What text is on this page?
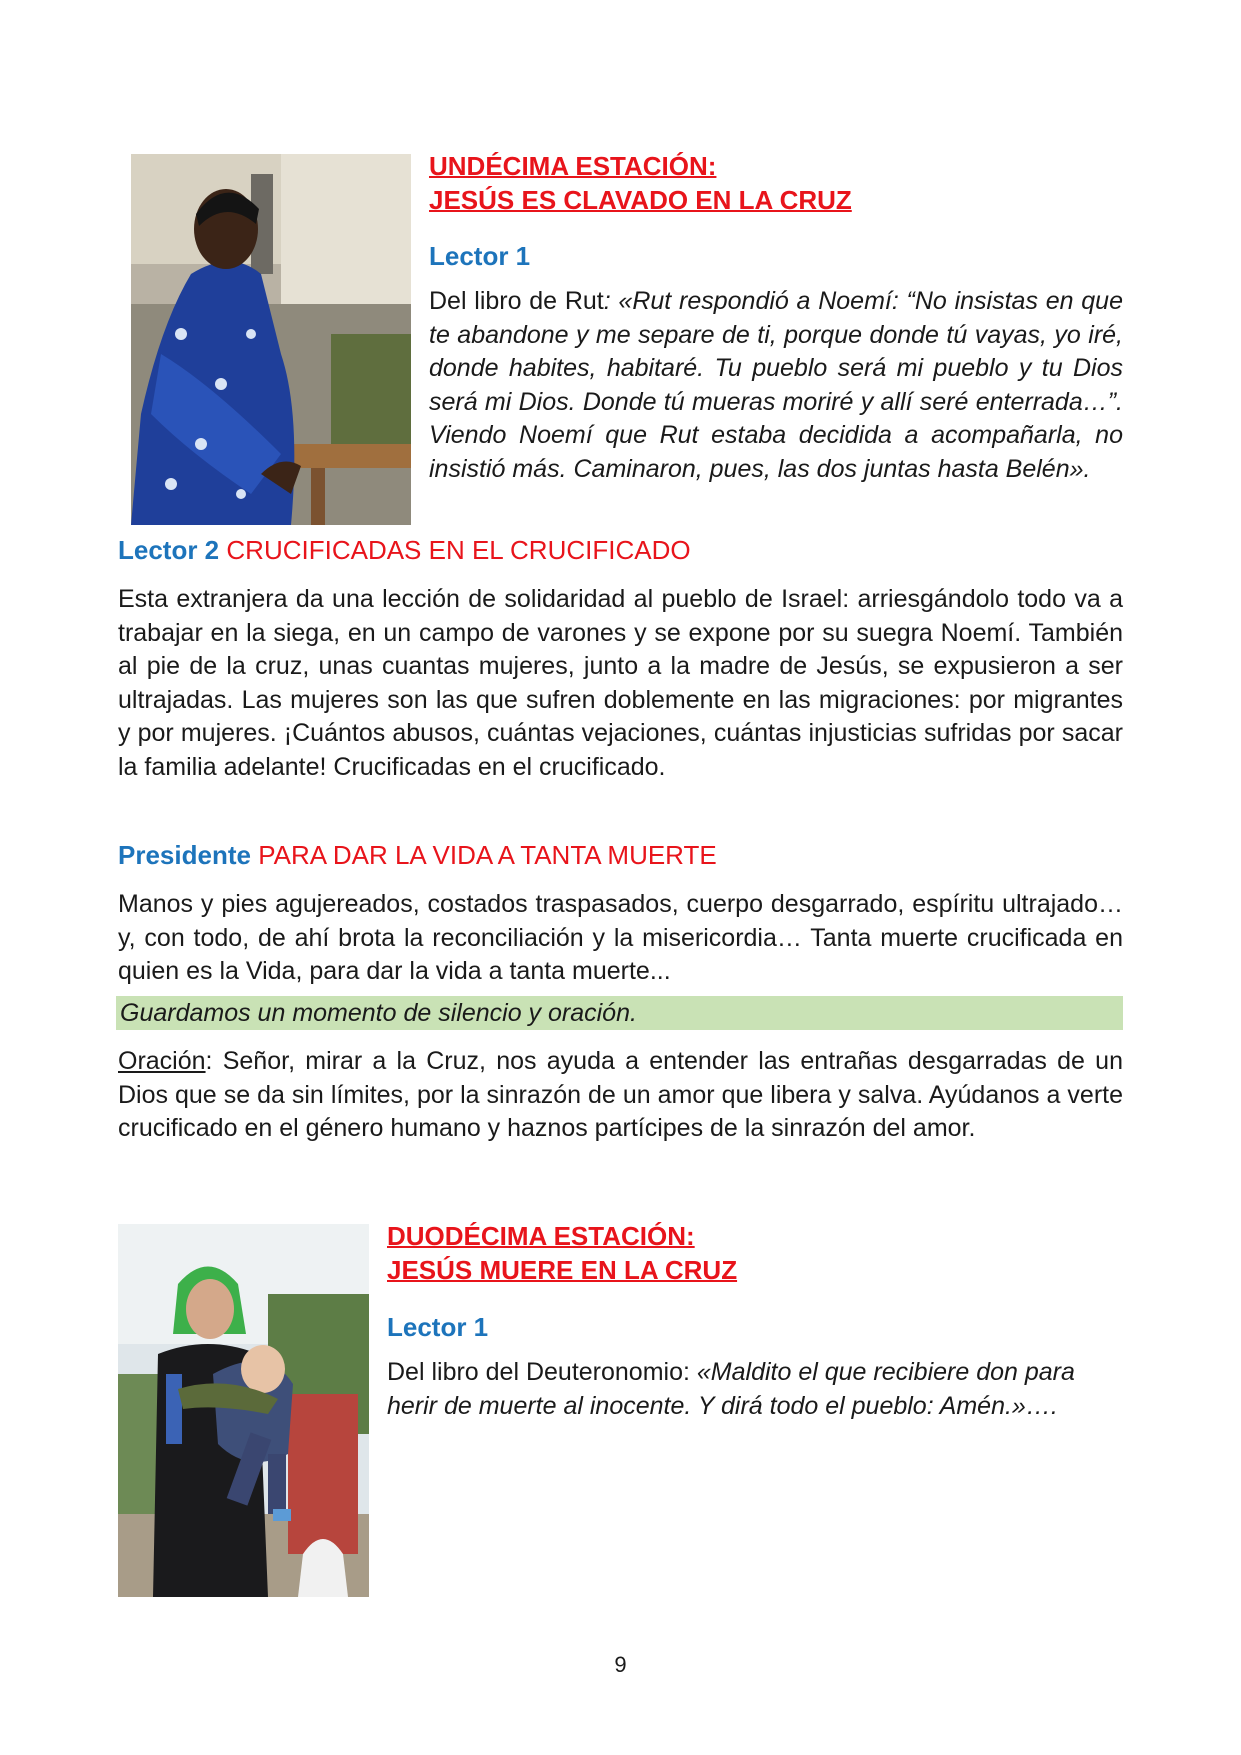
UNDÉCIMA ESTACIÓN:
JESÚS ES CLAVADO EN LA CRUZ
Lector 1

Del libro de Rut: «Rut respondió a Noemí: “No insistas en que te abandone y me separe de ti, porque donde tú vayas, yo iré, donde habites, habitaré. Tu pueblo será mi pueblo y tu Dios será mi Dios. Donde tú mueras moriré y allí seré enterrada…”. Viendo Noemí que Rut estaba decidida a acompañarla, no insistió más. Caminaron, pues, las dos juntas hasta Belén».

Lector 2 CRUCIFICADAS EN EL CRUCIFICADO

Esta extranjera da una lección de solidaridad al pueblo de Israel: arriesgándolo todo va a trabajar en la siega, en un campo de varones y se expone por su suegra Noemí. También al pie de la cruz, unas cuantas mujeres, junto a la madre de Jesús, se expusieron a ser ultrajadas. Las mujeres son las que sufren doblemente en las migraciones: por migrantes y por mujeres. ¡Cuántos abusos, cuántas vejaciones, cuántas injusticias sufridas por sacar la familia adelante! Crucificadas en el crucificado.

Presidente PARA DAR LA VIDA A TANTA MUERTE

Manos y pies agujereados, costados traspasados, cuerpo desgarrado, espíritu ultrajado… y, con todo, de ahí brota la reconciliación y la misericordia… Tanta muerte crucificada en quien es la Vida, para dar la vida a tanta muerte...

Guardamos un momento de silencio y oración.

Oración: Señor, mirar a la Cruz, nos ayuda a entender las entrañas desgarradas de un Dios que se da sin límites, por la sinrazón de un amor que libera y salva. Ayúdanos a verte crucificado en el género humano y haznos partícipes de la sinrazón del amor.

DUODÉCIMA ESTACIÓN:
JESÚS MUERE EN LA CRUZ
Lector 1

Del libro del Deuteronomio: «Maldito el que recibiere don para herir de muerte al inocente. Y dirá todo el pueblo: Amén.»….

9
